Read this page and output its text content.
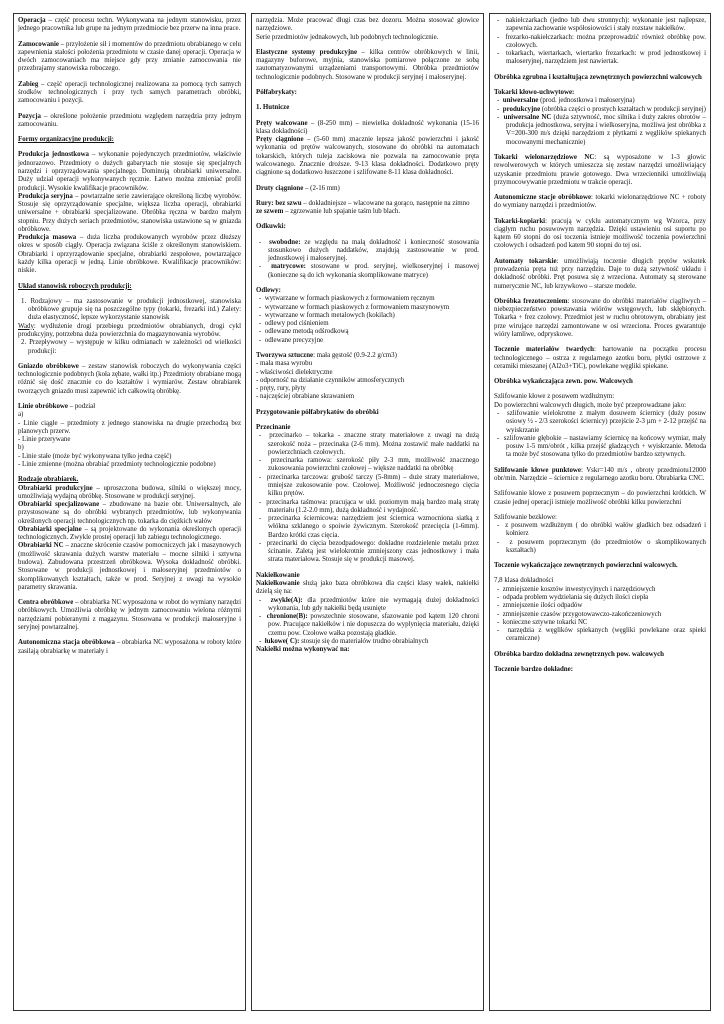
Operacja – część procesu techn. Wykonywana na jednym stanowisku, przez jednego pracownika lub grupe na jednym przedmiocie bez przerw na inna prace.

Zamocowanie – przyłożenie sił i momentów do przedmiotu obrabianego w celu zapewnienia stałości położenia przedmiotu w czasie danej operacji. Operacja w dwóch zamocowaniach ma miejsce gdy przy zmianie zamocowania nie przezbrajamy stanowiska roboczego.

Zabieg – część operacji technologicznej realizowana za pomocą tych samych środków technologicznych i przy tych samych parametrach obróbki, zamocowaniu i pozycji.

Pozycja – określone położenie przedmiotu względem narzędzia przy jednym zamocowaniu.

Formy organizacyjne produkcji:

Produkcja jednostkowa – wykonanie pojedynczych przedmiotów, właściwie jednorazowo. Przedmioty o dużych gabarytach nie stosuje się specjalnych narzędzi i oprzyrządowania specjalnego. Dominują obrabiarki uniwersalne. Duży udział operacji wykonywanych ręcznie. Łatwo można zmieniać profil produkcji. Wysokie kwalifikacje pracowników.

Produkcja seryjna – powtarzalne serie zawierające określoną liczbę wyrobów. Stosuje się oprzyrządowanie specjalne, większa liczba operacji, obrabiarki uniwersalne + obrabiarki specjalizowane. Obróbka ręczna w bardzo małym stopniu. Przy dużych seriach przedmiotów, stanowiska ustawione są w gniazda obróbkowe.

Produkcja masowa – duża liczba produkowanych wyrobów przez dłuższy okres w sposób ciągły. Operacja związana ściśle z określonym stanowiskiem. Obrabiarki i oprzyrządowanie specjalne, obrabiarki zespołowe, powtarzające każdy kilka operacji w jedną. Linie obróbkowe. Kwalifikacje pracowników: niskie.

Układ stanowisk roboczych produkcji:

1. Rodzajowy – ma zastosowanie w produkcji jednostkowej, stanowiska obróbkowe grupuje się na poszczególne typy (tokarki, frezarki itd.) Zalety: duża elastyczność, lepsze wykorzystanie stanowisk

Wady: wydłużenie drogi przebiegu przedmiotów obrabianych, drogi cykl produkcyjny, potrzebna duża powierzchnia do magazynowania wyrobów.

2. Przepływowy – występuje w kilku odmianach w zależności od wielkości produkcji:

Gniazdo obróbkowe – zestaw stanowisk roboczych do wykonywania części technologicznie podobnych (koła zębate, wałki itp.) Przedmioty obrabiane mogą różnić się dość znacznie co do kształtów i wymiarów. Zestaw obrabiarek tworzących gniazdo musi zapewnić ich całkowitą obróbkę.

Linie obróbkowe – podział

a)

- Linie ciągłe – przedmioty z jednego stanowiska na drugie przechodzą bez planowych przerw.

- Linie przerywane

b)

- Linie stałe (może być wykonywana tylko jedna część)

- Linie zmienne (można obrabiać przedmioty technologicznie podobne)

Rodzaje obrabiarek.

Obrabiarki produkcyjne – uproszczona budowa, silniki o większej mocy, umożliwiają wydajną obróbkę. Stosowane w produkcji seryjnej.

Obrabiarki specjalizowane – zbudowane na bazie obr. Uniwersalnych, ale przystosowane są do obróbki wybranych przedmiotów, lub wykonywania określonych operacji technologicznych np. tokarka do ciężkich wałów

Obrabiarki specjalne – są projektowane do wykonania określonych operacji technologicznych. Zwykle prostej operacji lub zabiegu technologicznego.

Obrabiarki NC – znaczne skrócenie czasów pomocniczych jak i maszynowych (możliwość skrawania dużych warstw materiału – mocne silniki i sztywna budowa). Zabudowana przestrzeń obróbkowa. Wysoka dokładność obróbki. Stosowane w produkcji jednostkowej i małoseryjnej przedmiotów o skomplikowanych kształtach, także w prod. Seryjnej z uwagi na wysokie parametry skrawania.

Centra obróbkowe – obrabiarka NC wyposażona w robot do wymiany narzędzi obróbkowych. Umożliwia obróbkę w jednym zamocowaniu wielona różnymi narzędziami pobieranymi z magazynu. Stosowana w produkcji małoseryjne i seryjnej powtarzalnej.

Autonomiczna stacja obróbkowa – obrabiarka NC wyposażona w roboty które zasilają obrabiarkę w materiały i

narzędzia. Może pracować długi czas bez dozoru. Można stosować głowice narzędziowe.

Serie przedmiotów jednakowych, lub podobnych technologicznie.

Elastyczne systemy produkcyjne – kilka centrów obróbkowych w linii, magazyny buforowe, myjnia, stanowiska pomiarowe połączone ze sobą zautomatyzowanymi urządzeniami transportowymi. Obróbka przedmiotów technologicznie podobnych. Stosowane w produkcji seryjnej i małoseryjnej.

Półfabrykaty:

1. Hutnicze

Pręty walcowane – (8-250 mm) – niewielka dokładność wykonania (15-16 klasa dokładności)

Pręty ciągnione – (5-60 mm) znacznie lepsza jakość powierzchni i jakość wykonania od prętów walcowanych, stosowane do obróbki na automatach tokarskich, których tuleja zaciskowa nie pozwala na zamocowanie pręta walcowanego. Znacznie droższe. 9-13 klasa dokładności. Dodatkowo pręty ciągnione są dodatkowo łuszczone i szlifowane 8-11 klasa dokładności.

Druty ciągnione – (2-16 mm)

Rury: bez szwu – dokładniejsze – wlacowane na gorąco, następnie na zimno

ze szwem – zgrzewanie lub spajanie taśm lub blach.

Odkuwki:

-  swobodne: ze względu na małą dokładność i konieczność stosowania stosunkowo dużych naddatków, znajdują zastosowanie w prod. jednostkowej i małoseryjnej.

-  matrycowe: stosowane w prod. seryjnej, wielkoseryjnej i masowej (konieczne są do ich wykonania skomplikowane matryce)

Odlewy:

-  wytwarzane w formach piaskowych z formowaniem ręcznym

-  wytwarzane w formach piaskowych z formowaniem maszynowym

-  wytwarzane w formach metalowych (kokilach)

-  odlewy pod ciśnieniem

-  odlewane metodą odśrodkową

-  odlewane precyzyjne

Tworzywa sztuczne: mała gęstość (0.9-2.2 g/cm3)

- mała masa wyrobu

- właściwości dielektryczne

- odporność na działanie czynników atmosferycznych

- pręty, rury, płyty

- najczęściej obrabiane skrawaniem

Przygotowanie półfabrykatów do obróbki

Przecinanie

-  przecinarko – tokarka - znaczne straty materiałowe z uwagi na dużą szerokość noża – przecinaka (2-6 mm). Można zostawić małe naddatki na powierzchniach czołowych.

-  przecinarka ramowa: szerokość piły 2-3 mm, możliwość znacznego zukosowania powierzchni czołowej – większe naddatki na obróbkę

-  przecinarka tarczowa: grubość tarczy (5-8mm) – duże straty materiałowe, mniejsze zukosowanie pow. Czołowej. Możliwość jednoczesnego cięcia kilku prętów.

-  przecinarka taśmowa: pracująca w ukł. poziomym mają bardzo małą stratę materiału (1.2-2.0 mm), dużą dokładność i wydajność.

-  przecinarka ściernicowa: narzędziem jest ściernica wzmocniona siatką z włókna szklanego o spoiwie żywicznym. Szerokość przecięcia (1-6mm). Bardzo krótki czas cięcia.

-  przecinarki do cięcia bezodpadowego: dokładne rozdzielenie metalu przez ścinanie. Zaletą jest wielokrotnie zmniejszony czas jednostkowy i mała strata materiałowa. Stosuje się w produkcji masowej.

Nakiełkowanie

Nakiełkowanie służą jako baza obróbkowa dla części klasy wałek, nakiełki dzielą się na:

-  zwykłe(A): dla przedmiotów które nie wymagają dużej dokładności wykonania, lub gdy nakiełki będą usunięte

-  chronione(B): powszechnie stosowane, sfazowanie pod kątem 120 chroni pow. Pracujące nakiełków i nie dopuszcza do wyplynięcia materiału, dzięki czemu pow. Czołowe wałka pozostają gładkie.

-  łukowe( C): stosuje się do materiałów trudno obrabialnych

Nakiełki można wykonywać na:

-  nakiełczarkach (jedno lub dwu stronnych): wykonanie jest najlepsze, zapewnia zachowanie współosiowości i stały rozstaw nakiełków.

-  frezarko-nakiełczarkach: można przeprowadzić również obróbkę pow. czołowych.

-  tokarkach, wiertarkach, wiertarko frezarkach: w prod jednostkowej i małoseryjnej, narzędziem jest nawiertak.

Obróbka zgrubna i kształtująca zewnętrznych powierzchni walcowych

Tokarki kłowo-uchwytowe:

-  uniwersalne (prod. jednostkowa i małoseryjna)

-  produkcyjne (obróbka części o prostych kształtach w produkcji seryjnej)

-  uniwersalne NC (duża sztywność, moc silnika i duży zakres obrotów – produkcja jednostkowa, seryjna i wielkoseryjna, możliwa jest obróbka z V=200-300 m/s dzięki narzędziom z płytkami z węglików spiekanych mocowanymi mechanicznie)

Tokarki wielonarzędziowe NC: są wyposażone w 1-3 głowic rewolwerowych w których umieszcza się zestaw narzędzi umożliwiający uzyskanie przedmiotu prawie gotowego. Dwa wrzecienniki umożliwiają przymocowywanie przedmiotu w trakcie operacji.

Autonomiczne stacje obróbkowe: tokarki wielonarzędziowe NC + roboty do wymiany narzędzi i przedmiotów.

Tokarki-kopiarki: pracują w cyklu automatycznym wg Wzorca, przy ciągłym ruchu posuwowym narzędzia. Dzięki ustawieniu osi suportu po kątem 60 stopni do osi toczenia istnieje możliwość toczenia powierzchni czołowych i odsadzeń pod katem 90 stopni do tej osi.

Automaty tokarskie: umożliwiają toczenie długich prętów wskutek prowadzenia pręta tuż przy narzędziu. Daje to dużą sztywność układu i dokładność obróbki. Pręt posuwa się z wrzeciona. Automaty są sterowane numerycznie NC, lub krzywkowo – starsze modele.

Obróbka frezotoczeniem: stosowane do obróbki materiałów ciągliwych – niebezpieczeństwo powstawania wiórów wstęgowych, lub skłębionych. Tokarka + frez czołowy. Przedmiot jest w ruchu obrotowym, obrabiany jest prze wirujące narzędzi zamontowane w osi wrzeciona. Proces gwarantuje wióry łamliwe, odpryskowe.

Toczenie materiałów twardych: hartowanie na początku procesu technologicznego – ostrza z regularnego azotku boru, płytki ostrzowe z ceramiki mieszanej (Al2o3+TiC), powlekane węgliki spiekane.

Obróbka wykańczająca zewn. pow. Walcowych

Szlifowanie kłowe z posuwem wzdłużnym:

Do powierzchni walcowych długich, może być przeprowadzane jako:

-  szlifowanie wielokrotne z małym dosuwem ściernicy (duży posuw osiowy ½ - 2/3 szerokości ściernicy) przejście 2-3 µm + 2-12 przejść na wyiskrzanie

-  szlifowanie głębokie – nastawiamy ściernicę na końcowy wymiar, mały posuw 1-5 mm/obrót , kilka przejść gładzących + wyiskrzanie. Metoda ta może być stosowana tylko do przedmiotów bardzo sztywnych.

Szlifowanie kłowe punktowe: Vskr=140 m/s , obroty przedmiotu12000 obr/min. Narzędzie – ściernice z regularnego azotku boru. Obrabiarka CNC.

Szlifowanie kłowe z posuwem poprzecznym – do powierzchni krótkich. W czasie jednej operacji istnieje możliwość obróbki kilku powierzchni

Szlifowanie bezkłowe:

-  z posuwem wzdłużnym ( do obróbki wałów gładkich bez odsadzeń i kołnierz

-  z posuwem poprzecznym (do przedmiotów o skomplikowanych kształtach)

Toczenie wykańczające zewnętrznych powierzchni walcowych.

7,8 klasa dokładności

-  zmniejszenie kosztów inwestycyjnych i narzędziowych

-  odpada problem wydzielania się dużych ilości ciepła

-  zmniejszenie ilości odpadów

-  zmniejszenie czasów przygotowawczo-zakończeniowych

-  konieczne sztywne tokarki NC

-  narzędzia z węglików spiekanych (węgliki powlekane oraz spieki ceramiczne)

Obróbka bardzo dokładna zewnętrznych pow. walcowych

Toczenie bardzo dokładne:
